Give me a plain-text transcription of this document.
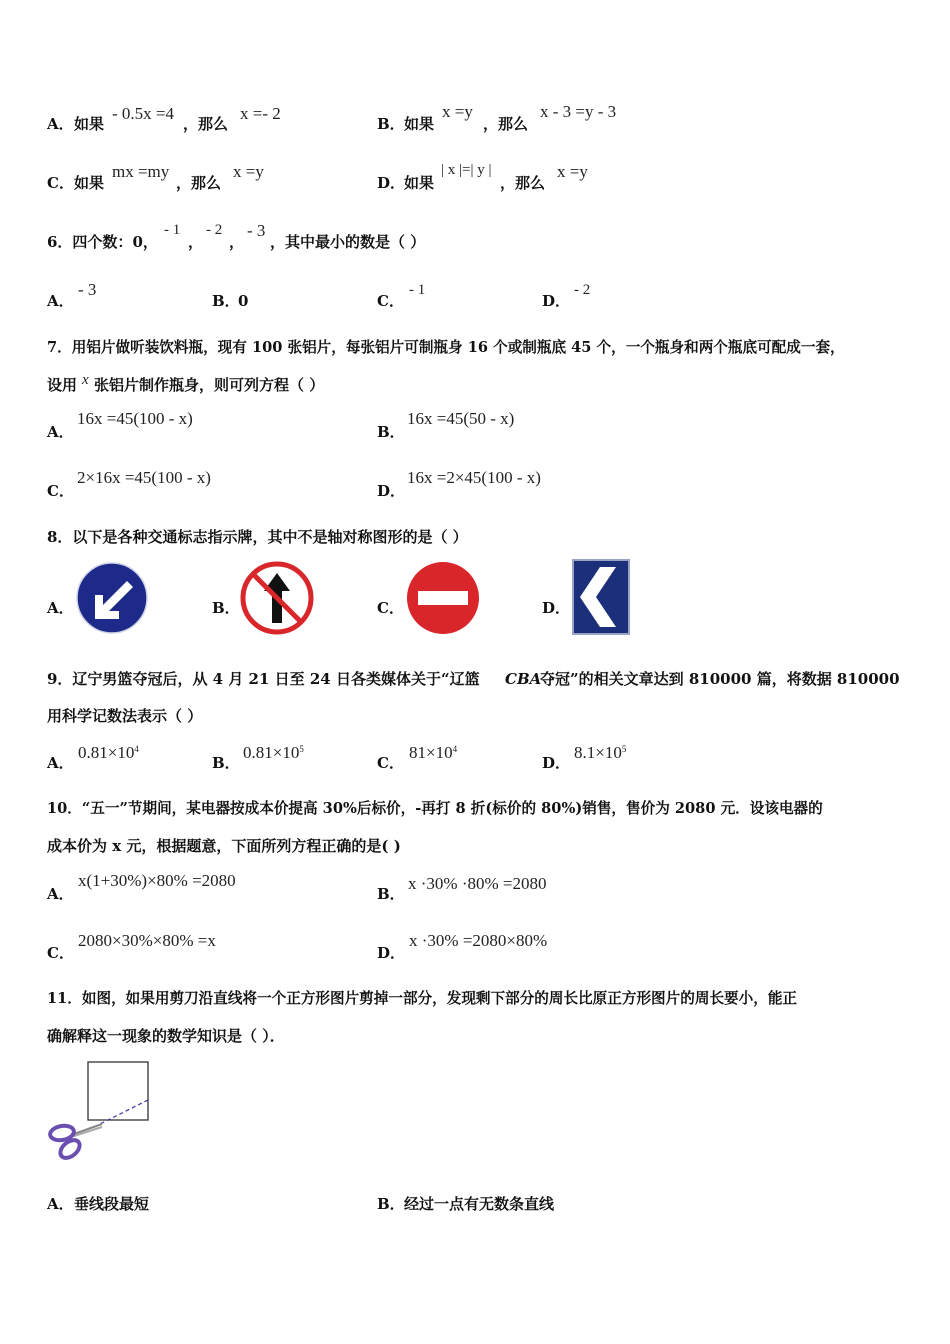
A． 如果
- 0.5x =4
，那么
x =- 2
B． 如果
x =y
，那么
x - 3 =y - 3
C． 如果
mx =my
，那么
x =y
D．
如果
| x |=| y |
，那么
x =y
6．四个数：0，
- 1
，
- 2
，
- 3
，其中最小的数是（ ）
A．
- 3
B．
0	C．
- 1
D．
- 2
7．用铝片做听装饮料瓶，现有 100 张铝片，每张铝片可制瓶身 16 个或制瓶底 45 个，一个瓶身和两个瓶底可配成一套，
设用 x 张铝片制作瓶身，则可列方程（ ）
A．
16x =45(100 - x)
B．
16x =45(50 - x)
C．
2×16x =45(100 - x)
D．
16x =2×45(100 - x)
8．以下是各种交通标志指示牌，其中不是轴对称图形的是（ ）
A．	B．	C．	D．
9．辽宁男篮夺冠后，从 4 月 21 日至 24 日各类媒体关于“辽篮 CBA
夺冠”的相关文章达到 810000 篇，将数据 810000
用科学记数法表示（ ）
A．
$0.81\times 10^4$
B．
$0.81\times 10^5$
C．
$81\times 10^4$
D．
$8.1\times 10^5$
10．“五一”节期间，某电器按成本价提高 30%后标价，-再打 8 折(标价的 80%)销售，售价为 2080 元．设该电器的
成本价为 x 元，根据题意，下面所列方程正确的是( )
A．
x(1+30%)×80% =2080
B．
x ·30% ·80% =2080
C．
2080×30%×80% =x
D．
x ·30% =2080×80%
11．如图，如果用剪刀沿直线将一个正方形图片剪掉一部分，发现剩下部分的周长比原正方形图片的周长要小，能正
确解释这一现象的数学知识是（ ）．
A． 垂线段最短	B． 经过一点有无数条直线
